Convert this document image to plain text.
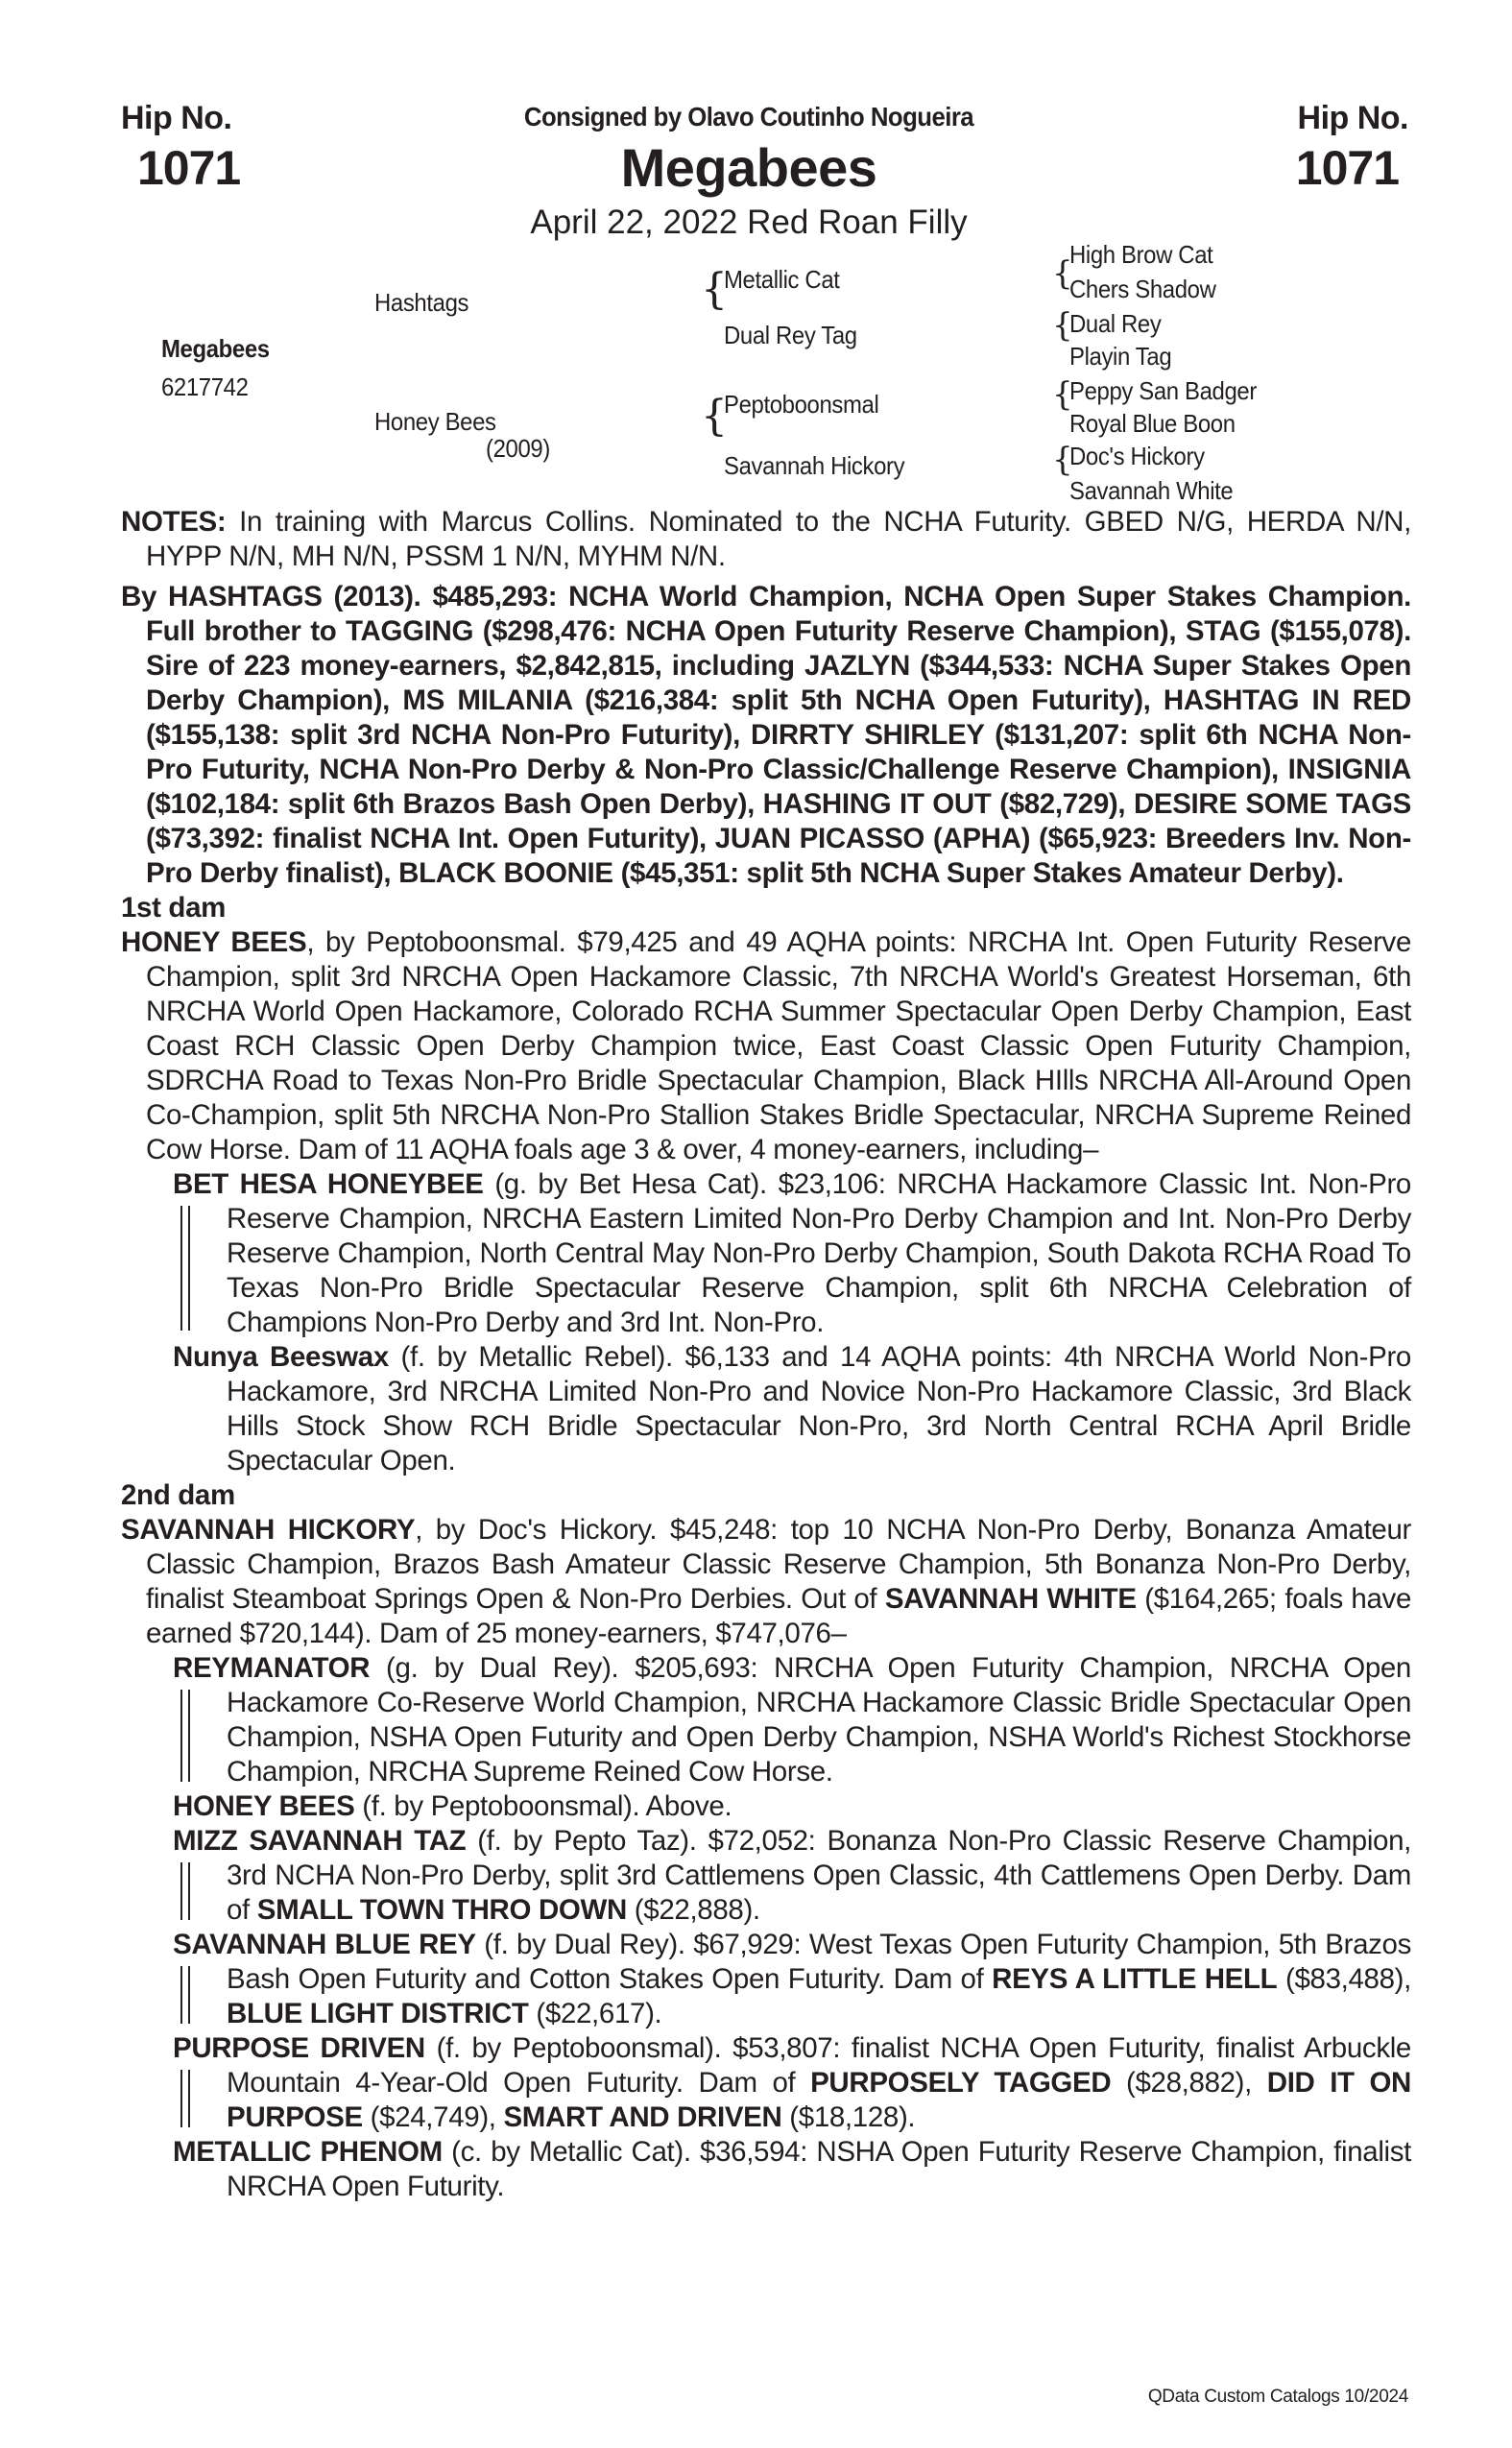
Hip No.
1071
Hip No.
1071
Consigned by Olavo Coutinho Nogueira
Megabees
April 22, 2022 Red Roan Filly
Megabees
6217742
Hashtags
Honey Bees
(2009)
{
Metallic Cat
Dual Rey Tag
{
Peptoboonsmal
Savannah Hickory
{
High Brow Cat
Chers Shadow
{
Dual Rey
Playin Tag
{
Peppy San Badger
Royal Blue Boon
{
Doc's Hickory
Savannah White

NOTES: In training with Marcus Collins. Nominated to the NCHA Futurity. GBED N/G, HERDA N/N, HYPP N/N, MH N/N, PSSM 1 N/N, MYHM N/N.

By HASHTAGS (2013). $485,293: NCHA World Champion, NCHA Open Super Stakes Champion. Full brother to TAGGING ($298,476: NCHA Open Futurity Reserve Champion), STAG ($155,078). Sire of 223 money-earners, $2,842,815, including JAZLYN ($344,533: NCHA Super Stakes Open Derby Champion), MS MILANIA ($216,384: split 5th NCHA Open Futurity), HASHTAG IN RED ($155,138: split 3rd NCHA Non-Pro Futurity), DIRRTY SHIRLEY ($131,207: split 6th NCHA Non-Pro Futurity, NCHA Non-Pro Derby & Non-Pro Classic/Challenge Reserve Champion), INSIGNIA ($102,184: split 6th Brazos Bash Open Derby), HASHING IT OUT ($82,729), DESIRE SOME TAGS ($73,392: finalist NCHA Int. Open Futurity), JUAN PICASSO (APHA) ($65,923: Breeders Inv. Non-Pro Derby finalist), BLACK BOONIE ($45,351: split 5th NCHA Super Stakes Amateur Derby).

1st dam

HONEY BEES, by Peptoboonsmal. $79,425 and 49 AQHA points: NRCHA Int. Open Futurity Reserve Champion, split 3rd NRCHA Open Hackamore Classic, 7th NRCHA World's Greatest Horseman, 6th NRCHA World Open Hackamore, Colorado RCHA Summer Spectacular Open Derby Champion, East Coast RCH Classic Open Derby Champion twice, East Coast Classic Open Futurity Champion, SDRCHA Road to Texas Non-Pro Bridle Spectacular Champion, Black HIlls NRCHA All-Around Open Co-Champion, split 5th NRCHA Non-Pro Stallion Stakes Bridle Spectacular, NRCHA Supreme Reined Cow Horse. Dam of 11 AQHA foals age 3 & over, 4 money-earners, including–

BET HESA HONEYBEE (g. by Bet Hesa Cat). $23,106: NRCHA Hackamore Classic Int. Non-Pro Reserve Champion, NRCHA Eastern Limited Non-Pro Derby Champion and Int. Non-Pro Derby Reserve Champion, North Central May Non-Pro Derby Champion, South Dakota RCHA Road To Texas Non-Pro Bridle Spectacular Reserve Champion, split 6th NRCHA Celebration of Champions Non-Pro Derby and 3rd Int. Non-Pro.

Nunya Beeswax (f. by Metallic Rebel). $6,133 and 14 AQHA points: 4th NRCHA World Non-Pro Hackamore, 3rd NRCHA Limited Non-Pro and Novice Non-Pro Hackamore Classic, 3rd Black Hills Stock Show RCH Bridle Spectacular Non-Pro, 3rd North Central RCHA April Bridle Spectacular Open.

2nd dam

SAVANNAH HICKORY, by Doc's Hickory. $45,248: top 10 NCHA Non-Pro Derby, Bonanza Amateur Classic Champion, Brazos Bash Amateur Classic Reserve Champion, 5th Bonanza Non-Pro Derby, finalist Steamboat Springs Open & Non-Pro Derbies. Out of SAVANNAH WHITE ($164,265; foals have earned $720,144). Dam of 25 money-earners, $747,076–

REYMANATOR (g. by Dual Rey). $205,693: NRCHA Open Futurity Champion, NRCHA Open Hackamore Co-Reserve World Champion, NRCHA Hackamore Classic Bridle Spectacular Open Champion, NSHA Open Futurity and Open Derby Champion, NSHA World's Richest Stockhorse Champion, NRCHA Supreme Reined Cow Horse.

HONEY BEES (f. by Peptoboonsmal). Above.

MIZZ SAVANNAH TAZ (f. by Pepto Taz). $72,052: Bonanza Non-Pro Classic Reserve Champion, 3rd NCHA Non-Pro Derby, split 3rd Cattlemens Open Classic, 4th Cattlemens Open Derby. Dam of SMALL TOWN THRO DOWN ($22,888).

SAVANNAH BLUE REY (f. by Dual Rey). $67,929: West Texas Open Futurity Champion, 5th Brazos Bash Open Futurity and Cotton Stakes Open Futurity. Dam of REYS A LITTLE HELL ($83,488), BLUE LIGHT DISTRICT ($22,617).

PURPOSE DRIVEN (f. by Peptoboonsmal). $53,807: finalist NCHA Open Futurity, finalist Arbuckle Mountain 4-Year-Old Open Futurity. Dam of PURPOSELY TAGGED ($28,882), DID IT ON PURPOSE ($24,749), SMART AND DRIVEN ($18,128).

METALLIC PHENOM (c. by Metallic Cat). $36,594: NSHA Open Futurity Reserve Champion, finalist NRCHA Open Futurity.

QData Custom Catalogs 10/2024
